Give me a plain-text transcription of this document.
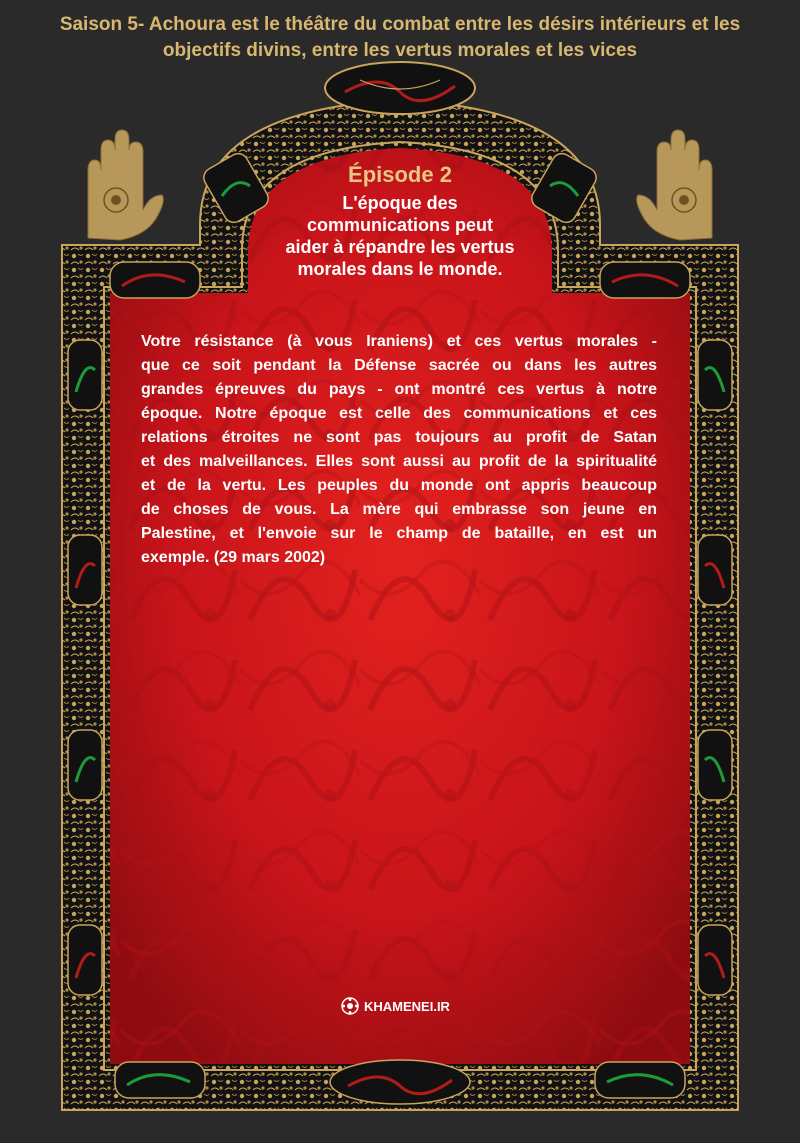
Saison 5- Achoura est le théâtre du combat entre les désirs intérieurs et les
objectifs divins, entre les vertus morales et les vices
Épisode 2
L'époque des
communications peut
aider à répandre les vertus
morales dans le monde.
Votre résistance (à vous Iraniens) et ces vertus morales -
que ce soit pendant la Défense sacrée ou dans les autres
grandes épreuves du pays - ont montré ces vertus à notre
époque. Notre époque est celle des communications et ces
relations étroites ne sont pas toujours au profit de Satan
et des malveillances. Elles sont aussi au profit de la spiritualité
et de la vertu. Les peuples du monde ont appris beaucoup
de choses de vous. La mère qui embrasse son jeune en
Palestine, et l'envoie sur le champ de bataille, en est un
exemple. (29 mars 2002)
KHAMENEI.IR
